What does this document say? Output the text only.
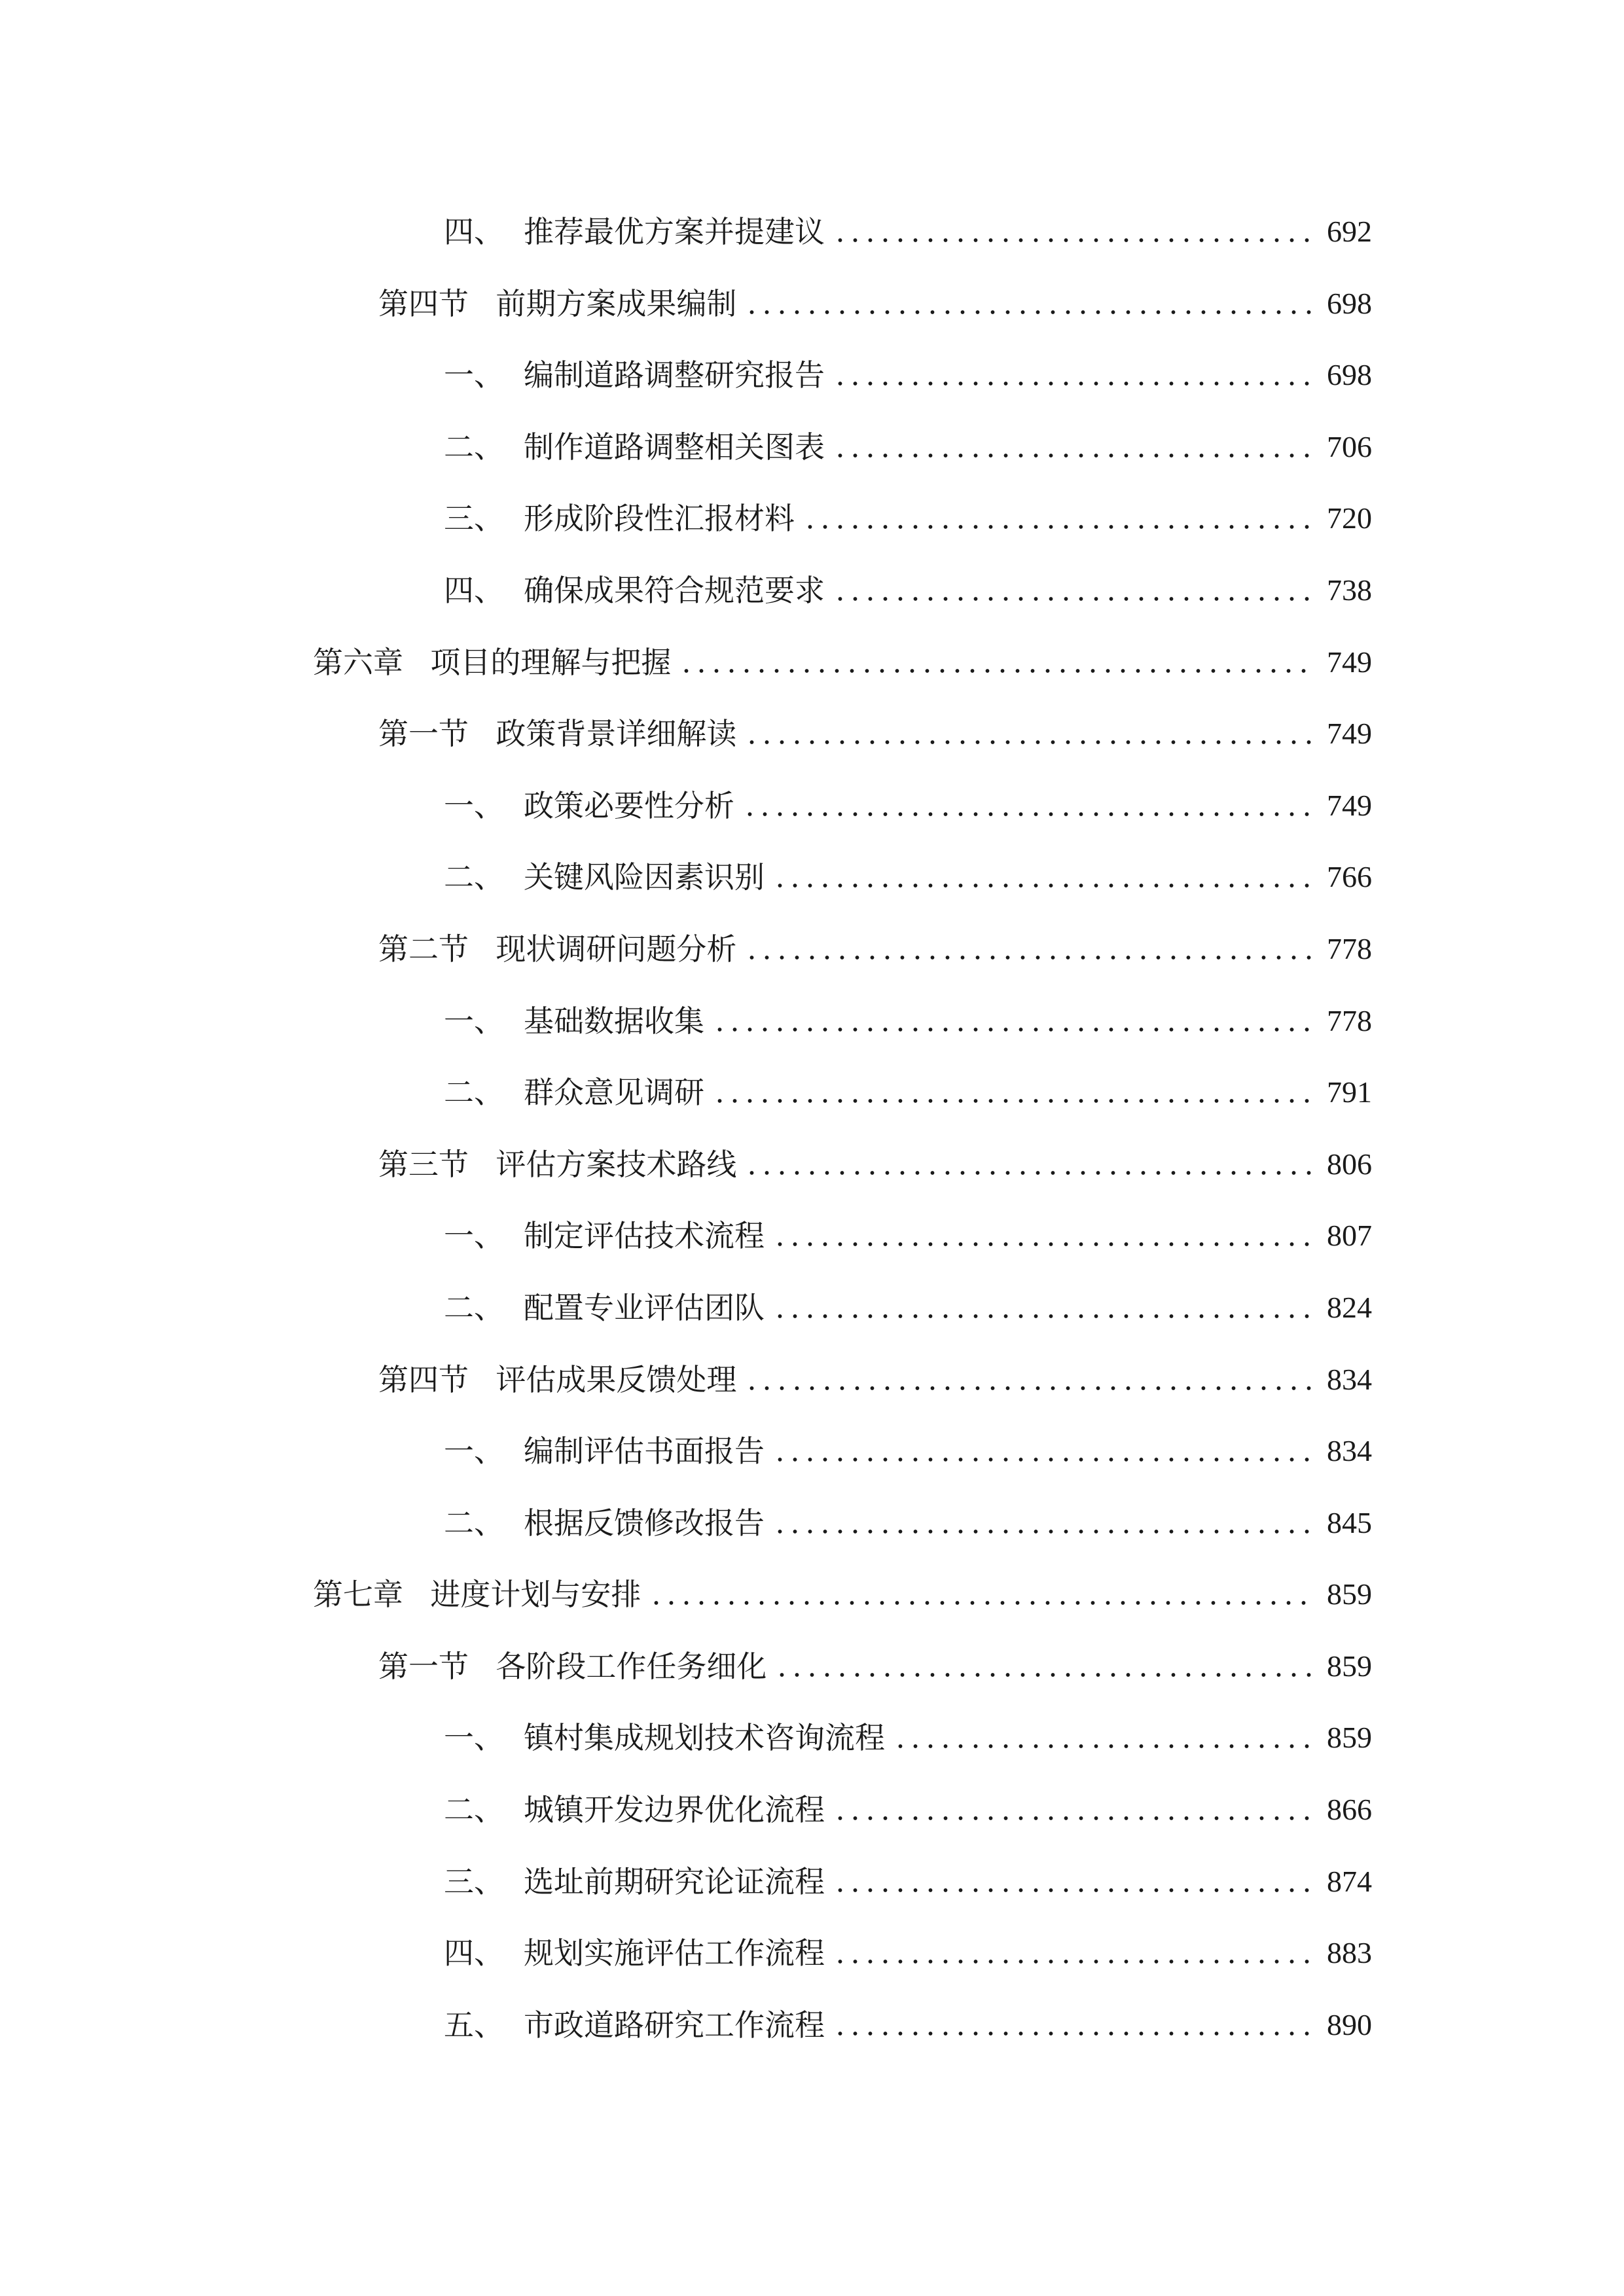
四、 推荐最优方案并提建议	692
第四节 前期方案成果编制	698
一、 编制道路调整研究报告	698
二、 制作道路调整相关图表	706
三、 形成阶段性汇报材料	720
四、 确保成果符合规范要求	738
第六章 项目的理解与把握	749
第一节 政策背景详细解读	749
一、 政策必要性分析	749
二、 关键风险因素识别	766
第二节 现状调研问题分析	778
一、 基础数据收集	778
二、 群众意见调研	791
第三节 评估方案技术路线	806
一、 制定评估技术流程	807
二、 配置专业评估团队	824
第四节 评估成果反馈处理	834
一、 编制评估书面报告	834
二、 根据反馈修改报告	845
第七章 进度计划与安排	859
第一节 各阶段工作任务细化	859
一、 镇村集成规划技术咨询流程	859
二、 城镇开发边界优化流程	866
三、 选址前期研究论证流程	874
四、 规划实施评估工作流程	883
五、 市政道路研究工作流程	890
